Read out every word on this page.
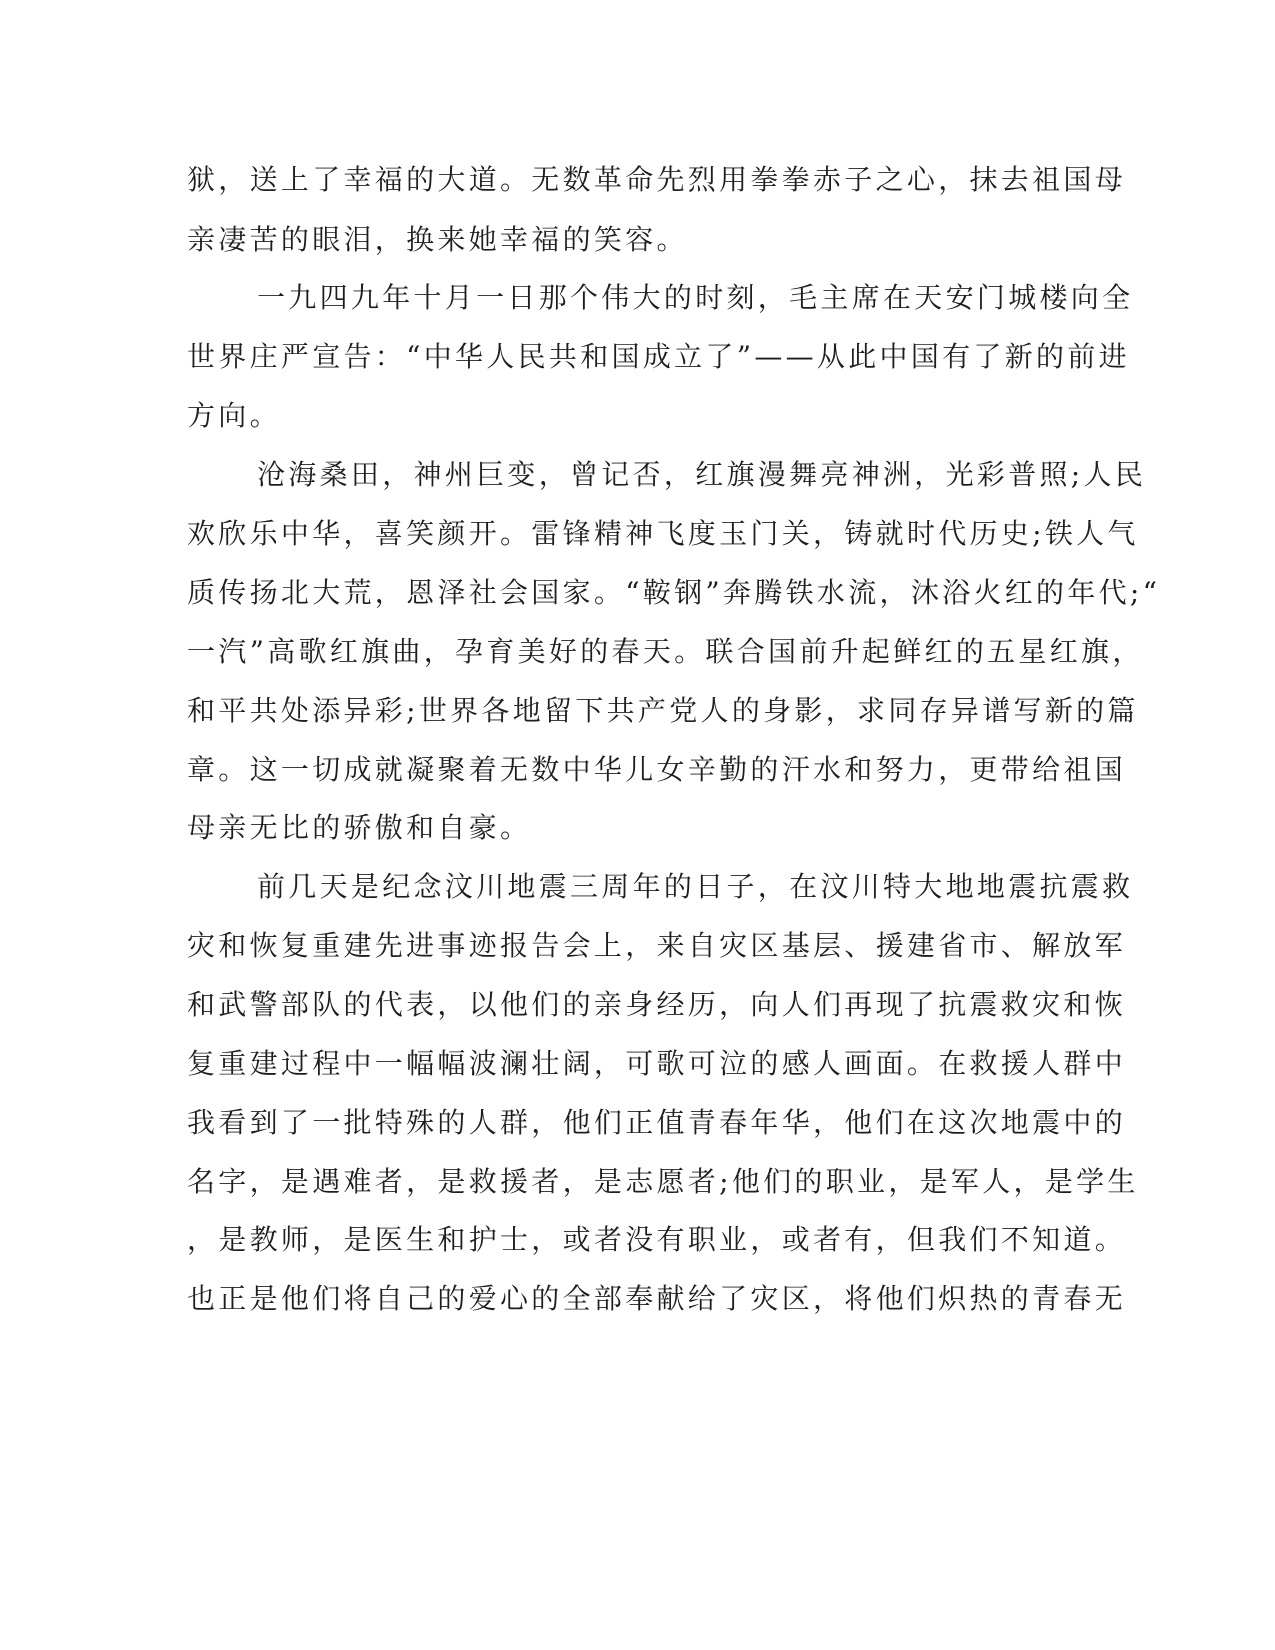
狱，送上了幸福的大道。无数革命先烈用拳拳赤子之心，抹去祖国母
亲凄苦的眼泪，换来她幸福的笑容。
一九四九年十月一日那个伟大的时刻，毛主席在天安门城楼向全
世界庄严宣告：“中华人民共和国成立了”——从此中国有了新的前进
方向。
沧海桑田，神州巨变，曾记否，红旗漫舞亮神洲，光彩普照;人民
欢欣乐中华，喜笑颜开。雷锋精神飞度玉门关，铸就时代历史;铁人气
质传扬北大荒，恩泽社会国家。“鞍钢”奔腾铁水流，沐浴火红的年代;“
一汽”高歌红旗曲，孕育美好的春天。联合国前升起鲜红的五星红旗，
和平共处添异彩;世界各地留下共产党人的身影，求同存异谱写新的篇
章。这一切成就凝聚着无数中华儿女辛勤的汗水和努力，更带给祖国
母亲无比的骄傲和自豪。
前几天是纪念汶川地震三周年的日子，在汶川特大地地震抗震救
灾和恢复重建先进事迹报告会上，来自灾区基层、援建省市、解放军
和武警部队的代表，以他们的亲身经历，向人们再现了抗震救灾和恢
复重建过程中一幅幅波澜壮阔，可歌可泣的感人画面。在救援人群中
我看到了一批特殊的人群，他们正值青春年华，他们在这次地震中的
名字，是遇难者，是救援者，是志愿者;他们的职业，是军人，是学生
，是教师，是医生和护士，或者没有职业，或者有，但我们不知道。
也正是他们将自己的爱心的全部奉献给了灾区，将他们炽热的青春无
